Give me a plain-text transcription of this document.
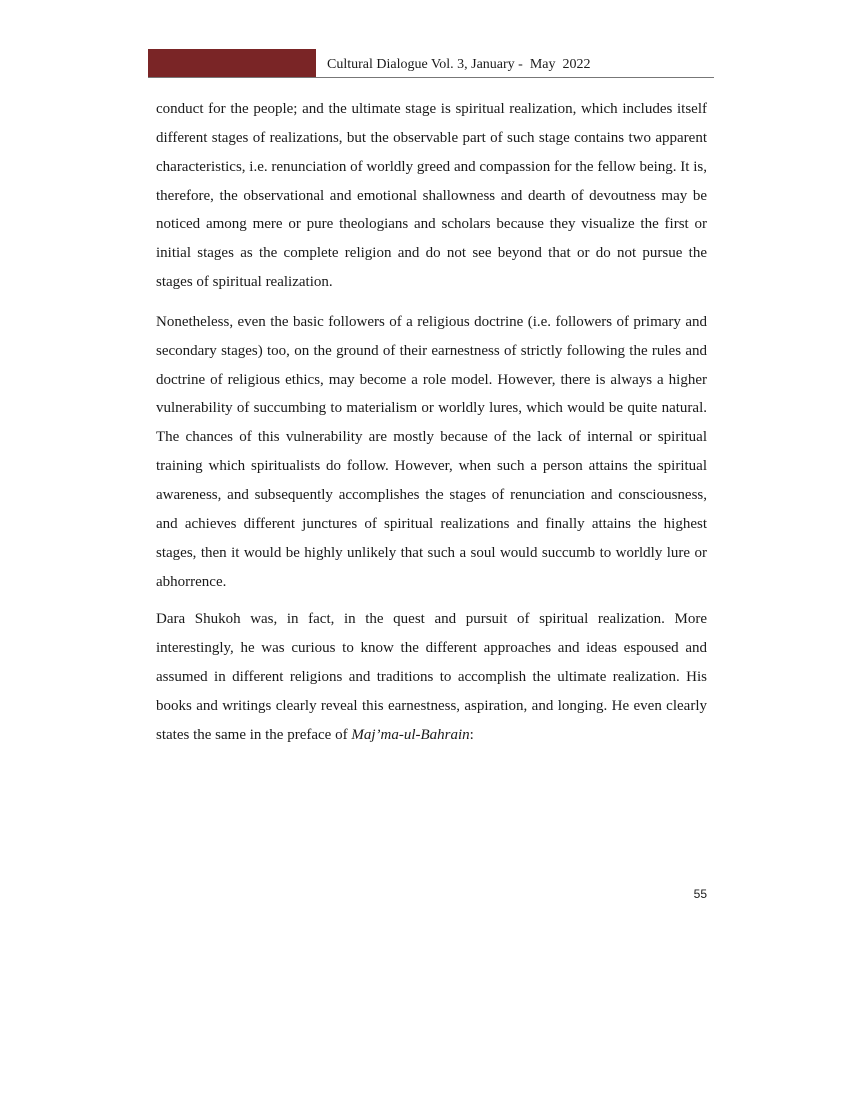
Cultural Dialogue Vol. 3, January -  May  2022

conduct for the people; and the ultimate stage is spiritual realization, which includes itself different stages of realizations, but the observable part of such stage contains two apparent characteristics, i.e. renunciation of worldly greed and compassion for the fellow being. It is, therefore, the observational and emotional shallowness and dearth of devoutness may be noticed among mere or pure theologians and scholars because they visualize the first or initial stages as the complete religion and do not see beyond that or do not pursue the stages of spiritual realization.

Nonetheless, even the basic followers of a religious doctrine (i.e. followers of primary and secondary stages) too, on the ground of their earnestness of strictly following the rules and doctrine of religious ethics, may become a role model. However, there is always a higher vulnerability of succumbing to materialism or worldly lures, which would be quite natural. The chances of this vulnerability are mostly because of the lack of internal or spiritual training which spiritualists do follow. However, when such a person attains the spiritual awareness, and subsequently accomplishes the stages of renunciation and consciousness, and achieves different junctures of spiritual realizations and finally attains the highest stages, then it would be highly unlikely that such a soul would succumb to worldly lure or abhorrence.

Dara Shukoh was, in fact, in the quest and pursuit of spiritual realization. More interestingly, he was curious to know the different approaches and ideas espoused and assumed in different religions and traditions to accomplish the ultimate realization. His books and writings clearly reveal this earnestness, aspiration, and longing. He even clearly states the same in the preface of Maj’ma-ul-Bahrain:

55
